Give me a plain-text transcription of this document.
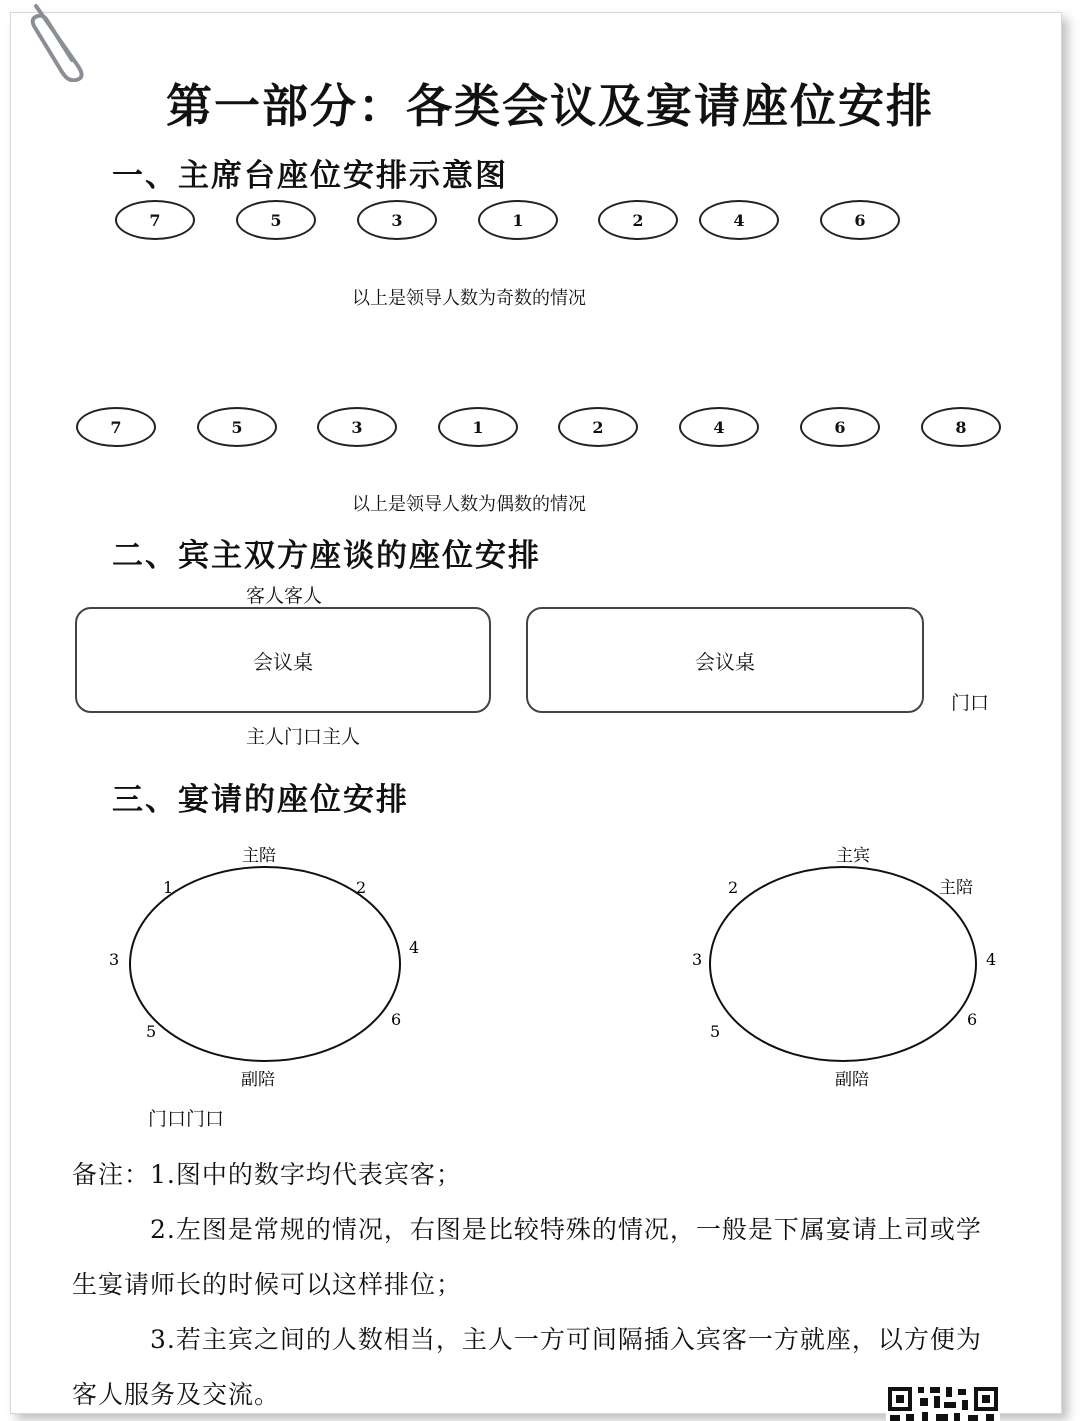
第一部分：各类会议及宴请座位安排
一、主席台座位安排示意图
7	5	3	1	2	4	6
以上是领导人数为奇数的情况
7	5	3	1	2	4	6	8
以上是领导人数为偶数的情况
二、宾主双方座谈的座位安排
客人客人
会议桌	会议桌
门口
主人门口主人
三、宴请的座位安排
主陪
1	2
3
4
5
6
副陪
主宾
主陪
2
3	4
5
6
副陪
门口门口
备注：1.图中的数字均代表宾客；
2.左图是常规的情况，右图是比较特殊的情况，一般是下属宴请上司或学
生宴请师长的时候可以这样排位；
3.若主宾之间的人数相当，主人一方可间隔插入宾客一方就座，以方便为
客人服务及交流。
